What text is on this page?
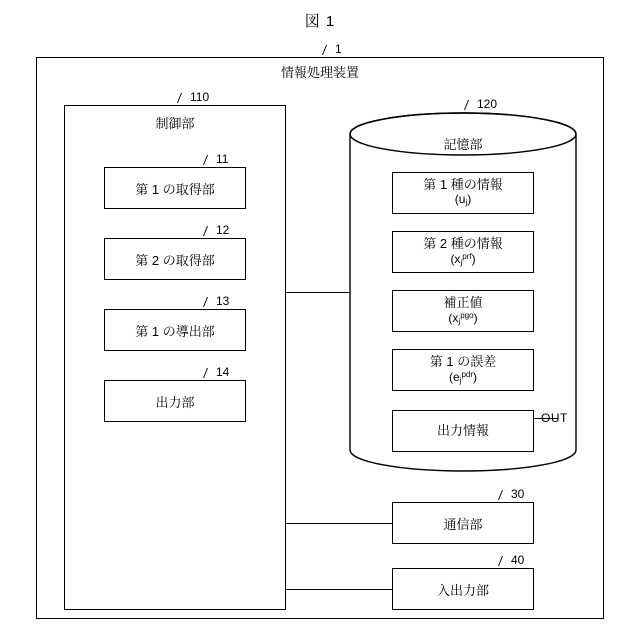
図 1
1
情報処理装置
110
制御部
第 1 の取得部
11
第 2 の取得部
12
第 1 の導出部
13
出力部
14
120
記憶部
第 1 種の情報
$(u_j)$
第 2 種の情報
$(x_j^{prf})$
補正値
$(x_j^{pgo})$
第 1 の誤差
$(e_j^{pdr})$
出力情報
OUT
通信部
30
入出力部
40
